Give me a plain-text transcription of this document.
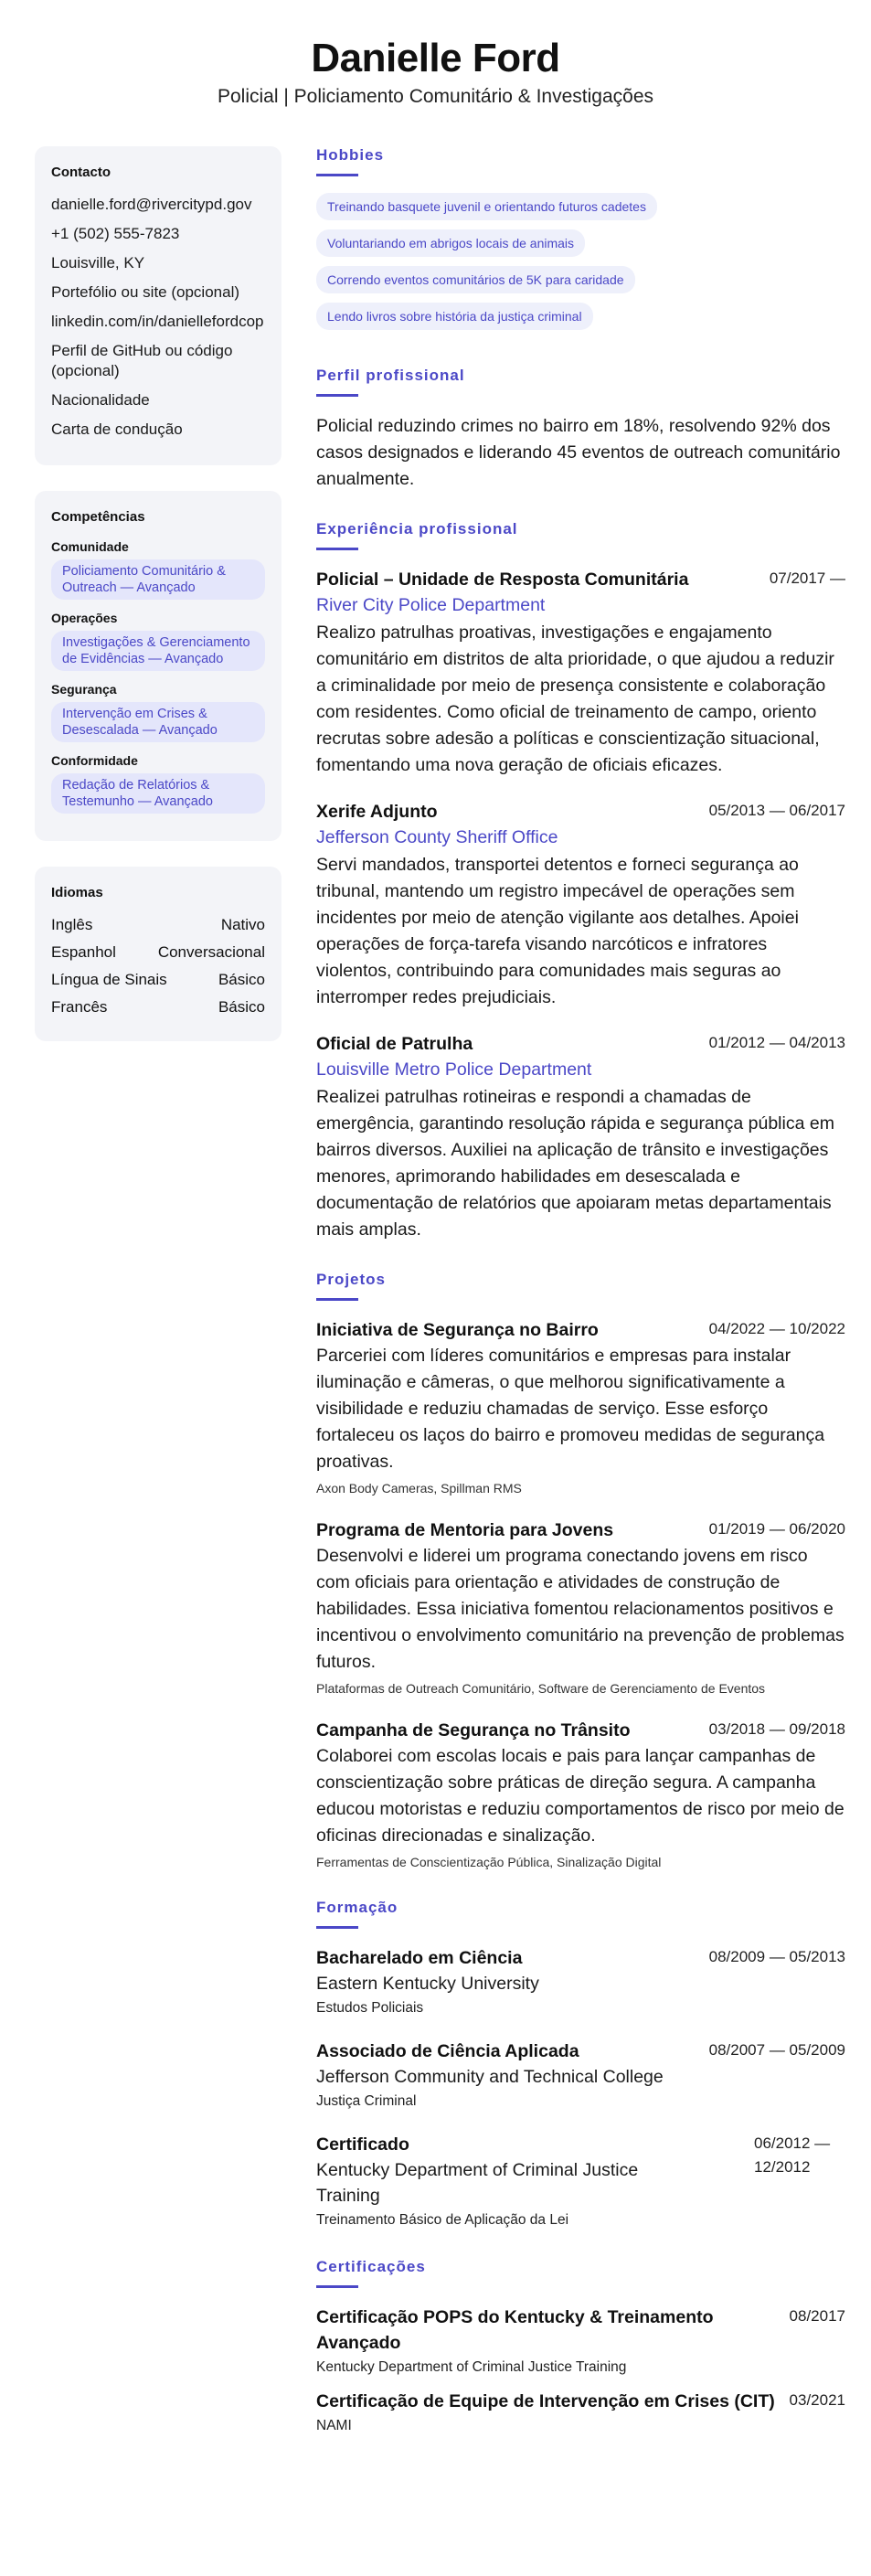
Danielle Ford
Policial | Policiamento Comunitário & Investigações
Contacto
danielle.ford@rivercitypd.gov
+1 (502) 555-7823
Louisville, KY
Portefólio ou site (opcional)
linkedin.com/in/daniellefordcop
Perfil de GitHub ou código (opcional)
Nacionalidade
Carta de condução
Competências
Comunidade
Policiamento Comunitário & Outreach — Avançado
Operações
Investigações & Gerenciamento de Evidências — Avançado
Segurança
Intervenção em Crises & Desescalada — Avançado
Conformidade
Redação de Relatórios & Testemunho — Avançado
Idiomas
Inglês	Nativo
Espanhol	Conversacional
Língua de Sinais	Básico
Francês	Básico
Hobbies
Treinando basquete juvenil e orientando futuros cadetes
Voluntariando em abrigos locais de animais
Correndo eventos comunitários de 5K para caridade
Lendo livros sobre história da justiça criminal
Perfil profissional

Policial reduzindo crimes no bairro em 18%, resolvendo 92% dos casos designados e liderando 45 eventos de outreach comunitário anualmente.

Experiência profissional
Policial – Unidade de Resposta Comunitária	07/2017 —
River City Police Department
Realizo patrulhas proativas, investigações e engajamento comunitário em distritos de alta prioridade, o que ajudou a reduzir a criminalidade por meio de presença consistente e colaboração com residentes. Como oficial de treinamento de campo, oriento recrutas sobre adesão a políticas e conscientização situacional, fomentando uma nova geração de oficiais eficazes.
Xerife Adjunto	05/2013 — 06/2017
Jefferson County Sheriff Office
Servi mandados, transportei detentos e forneci segurança ao tribunal, mantendo um registro impecável de operações sem incidentes por meio de atenção vigilante aos detalhes. Apoiei operações de força-tarefa visando narcóticos e infratores violentos, contribuindo para comunidades mais seguras ao interromper redes prejudiciais.
Oficial de Patrulha	01/2012 — 04/2013
Louisville Metro Police Department
Realizei patrulhas rotineiras e respondi a chamadas de emergência, garantindo resolução rápida e segurança pública em bairros diversos. Auxiliei na aplicação de trânsito e investigações menores, aprimorando habilidades em desescalada e documentação de relatórios que apoiaram metas departamentais mais amplas.
Projetos
Iniciativa de Segurança no Bairro	04/2022 — 10/2022
Parceriei com líderes comunitários e empresas para instalar iluminação e câmeras, o que melhorou significativamente a visibilidade e reduziu chamadas de serviço. Esse esforço fortaleceu os laços do bairro e promoveu medidas de segurança proativas.
Axon Body Cameras, Spillman RMS
Programa de Mentoria para Jovens	01/2019 — 06/2020
Desenvolvi e liderei um programa conectando jovens em risco com oficiais para orientação e atividades de construção de habilidades. Essa iniciativa fomentou relacionamentos positivos e incentivou o envolvimento comunitário na prevenção de problemas futuros.
Plataformas de Outreach Comunitário, Software de Gerenciamento de Eventos
Campanha de Segurança no Trânsito	03/2018 — 09/2018
Colaborei com escolas locais e pais para lançar campanhas de conscientização sobre práticas de direção segura. A campanha educou motoristas e reduziu comportamentos de risco por meio de oficinas direcionadas e sinalização.
Ferramentas de Conscientização Pública, Sinalização Digital
Formação
Bacharelado em Ciência	08/2009 — 05/2013
Eastern Kentucky University
Estudos Policiais
Associado de Ciência Aplicada	08/2007 — 05/2009
Jefferson Community and Technical College
Justiça Criminal
Certificado
Kentucky Department of Criminal Justice Training
06/2012 — 12/2012
Treinamento Básico de Aplicação da Lei
Certificações
Certificação POPS do Kentucky & Treinamento Avançado
08/2017
Kentucky Department of Criminal Justice Training
Certificação de Equipe de Intervenção em Crises (CIT) 03/2021
NAMI
